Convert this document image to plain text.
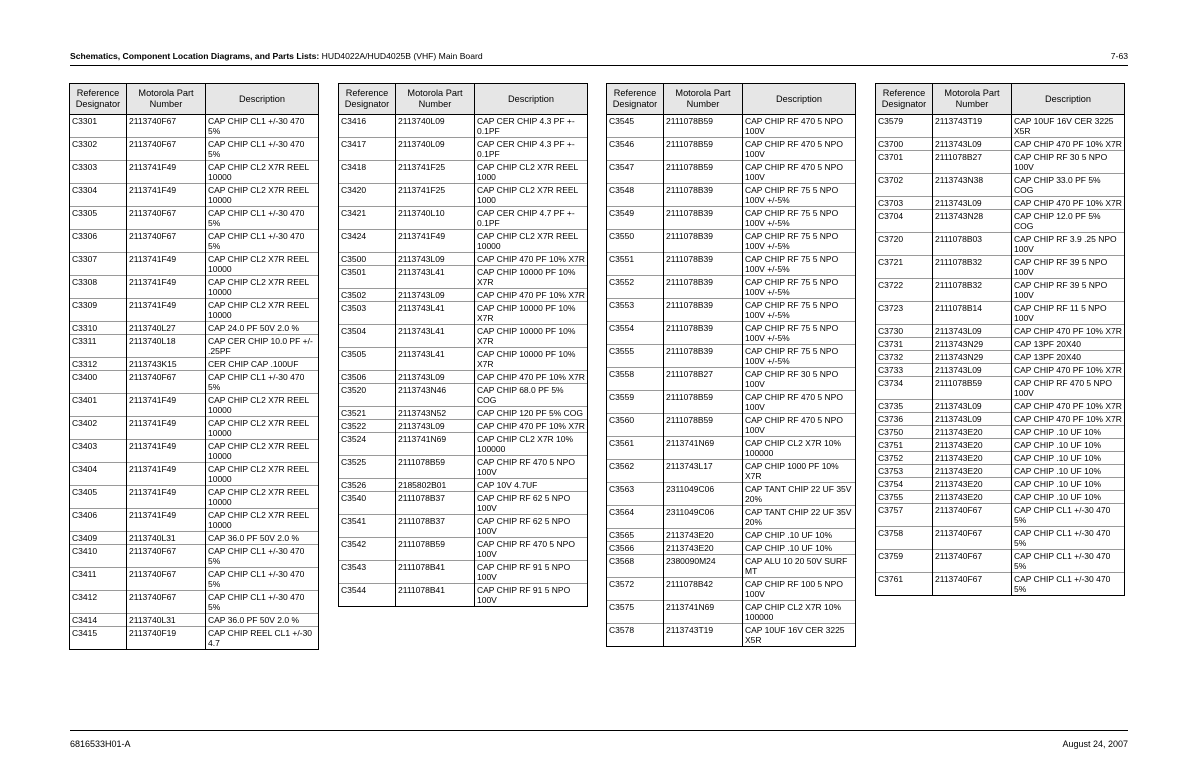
Schematics, Component Location Diagrams, and Parts Lists: HUD4022A/HUD4025B (VHF) Main Board	7-63
Reference Designator	Motorola Part Number	Description
C3301	2113740F67	CAP CHIP CL1 +/-30 470 5%
C3302	2113740F67	CAP CHIP CL1 +/-30 470 5%
C3303	2113741F49	CAP CHIP CL2 X7R REEL 10000
C3304	2113741F49	CAP CHIP CL2 X7R REEL 10000
C3305	2113740F67	CAP CHIP CL1 +/-30 470 5%
C3306	2113740F67	CAP CHIP CL1 +/-30 470 5%
C3307	2113741F49	CAP CHIP CL2 X7R REEL 10000
C3308	2113741F49	CAP CHIP CL2 X7R REEL 10000
C3309	2113741F49	CAP CHIP CL2 X7R REEL 10000
C3310	2113740L27	CAP 24.0 PF 50V 2.0 %
C3311	2113740L18	CAP CER CHIP 10.0 PF +/- .25PF
C3312	2113743K15	CER CHIP CAP .100UF
C3400	2113740F67	CAP CHIP CL1 +/-30 470 5%
C3401	2113741F49	CAP CHIP CL2 X7R REEL 10000
C3402	2113741F49	CAP CHIP CL2 X7R REEL 10000
C3403	2113741F49	CAP CHIP CL2 X7R REEL 10000
C3404	2113741F49	CAP CHIP CL2 X7R REEL 10000
C3405	2113741F49	CAP CHIP CL2 X7R REEL 10000
C3406	2113741F49	CAP CHIP CL2 X7R REEL 10000
C3409	2113740L31	CAP 36.0 PF 50V 2.0 %
C3410	2113740F67	CAP CHIP CL1 +/-30 470 5%
C3411	2113740F67	CAP CHIP CL1 +/-30 470 5%
C3412	2113740F67	CAP CHIP CL1 +/-30 470 5%
C3414	2113740L31	CAP 36.0 PF 50V 2.0 %
C3415	2113740F19	CAP CHIP REEL CL1 +/-30 4.7
Reference Designator	Motorola Part Number	Description
C3416	2113740L09	CAP CER CHIP 4.3 PF +- 0.1PF
C3417	2113740L09	CAP CER CHIP 4.3 PF +- 0.1PF
C3418	2113741F25	CAP CHIP CL2 X7R REEL 1000
C3420	2113741F25	CAP CHIP CL2 X7R REEL 1000
C3421	2113740L10	CAP CER CHIP 4.7 PF +- 0.1PF
C3424	2113741F49	CAP CHIP CL2 X7R REEL 10000
C3500	2113743L09	CAP CHIP 470 PF 10% X7R
C3501	2113743L41	CAP CHIP 10000 PF 10% X7R
C3502	2113743L09	CAP CHIP 470 PF 10% X7R
C3503	2113743L41	CAP CHIP 10000 PF 10% X7R
C3504	2113743L41	CAP CHIP 10000 PF 10% X7R
C3505	2113743L41	CAP CHIP 10000 PF 10% X7R
C3506	2113743L09	CAP CHIP 470 PF 10% X7R
C3520	2113743N46	CAP CHIP 68.0 PF 5% COG
C3521	2113743N52	CAP CHIP 120 PF 5% COG
C3522	2113743L09	CAP CHIP 470 PF 10% X7R
C3524	2113741N69	CAP CHIP CL2 X7R 10% 100000
C3525	2111078B59	CAP CHIP RF 470 5 NPO 100V
C3526	2185802B01	CAP 10V 4.7UF
C3540	2111078B37	CAP CHIP RF 62 5 NPO 100V
C3541	2111078B37	CAP CHIP RF 62 5 NPO 100V
C3542	2111078B59	CAP CHIP RF 470 5 NPO 100V
C3543	2111078B41	CAP CHIP RF 91 5 NPO 100V
C3544	2111078B41	CAP CHIP RF 91 5 NPO 100V
Reference Designator	Motorola Part Number	Description
C3545	2111078B59	CAP CHIP RF 470 5 NPO 100V
C3546	2111078B59	CAP CHIP RF 470 5 NPO 100V
C3547	2111078B59	CAP CHIP RF 470 5 NPO 100V
C3548	2111078B39	CAP CHIP RF 75 5 NPO 100V +/-5%
C3549	2111078B39	CAP CHIP RF 75 5 NPO 100V +/-5%
C3550	2111078B39	CAP CHIP RF 75 5 NPO 100V +/-5%
C3551	2111078B39	CAP CHIP RF 75 5 NPO 100V +/-5%
C3552	2111078B39	CAP CHIP RF 75 5 NPO 100V +/-5%
C3553	2111078B39	CAP CHIP RF 75 5 NPO 100V +/-5%
C3554	2111078B39	CAP CHIP RF 75 5 NPO 100V +/-5%
C3555	2111078B39	CAP CHIP RF 75 5 NPO 100V +/-5%
C3558	2111078B27	CAP CHIP RF 30 5 NPO 100V
C3559	2111078B59	CAP CHIP RF 470 5 NPO 100V
C3560	2111078B59	CAP CHIP RF 470 5 NPO 100V
C3561	2113741N69	CAP CHIP CL2 X7R 10% 100000
C3562	2113743L17	CAP CHIP 1000 PF 10% X7R
C3563	2311049C06	CAP TANT CHIP 22 UF 35V 20%
C3564	2311049C06	CAP TANT CHIP 22 UF 35V 20%
C3565	2113743E20	CAP CHIP .10 UF 10%
C3566	2113743E20	CAP CHIP .10 UF 10%
C3568	2380090M24	CAP ALU 10 20 50V SURF MT
C3572	2111078B42	CAP CHIP RF 100 5 NPO 100V
C3575	2113741N69	CAP CHIP CL2 X7R 10% 100000
C3578	2113743T19	CAP 10UF 16V CER 3225 X5R
Reference Designator	Motorola Part Number	Description
C3579	2113743T19	CAP 10UF 16V CER 3225 X5R
C3700	2113743L09	CAP CHIP 470 PF 10% X7R
C3701	2111078B27	CAP CHIP RF 30 5 NPO 100V
C3702	2113743N38	CAP CHIP 33.0 PF 5% COG
C3703	2113743L09	CAP CHIP 470 PF 10% X7R
C3704	2113743N28	CAP CHIP 12.0 PF 5% COG
C3720	2111078B03	CAP CHIP RF 3.9 .25 NPO 100V
C3721	2111078B32	CAP CHIP RF 39 5 NPO 100V
C3722	2111078B32	CAP CHIP RF 39 5 NPO 100V
C3723	2111078B14	CAP CHIP RF 11 5 NPO 100V
C3730	2113743L09	CAP CHIP 470 PF 10% X7R
C3731	2113743N29	CAP 13PF 20X40
C3732	2113743N29	CAP 13PF 20X40
C3733	2113743L09	CAP CHIP 470 PF 10% X7R
C3734	2111078B59	CAP CHIP RF 470 5 NPO 100V
C3735	2113743L09	CAP CHIP 470 PF 10% X7R
C3736	2113743L09	CAP CHIP 470 PF 10% X7R
C3750	2113743E20	CAP CHIP .10 UF 10%
C3751	2113743E20	CAP CHIP .10 UF 10%
C3752	2113743E20	CAP CHIP .10 UF 10%
C3753	2113743E20	CAP CHIP .10 UF 10%
C3754	2113743E20	CAP CHIP .10 UF 10%
C3755	2113743E20	CAP CHIP .10 UF 10%
C3757	2113740F67	CAP CHIP CL1 +/-30 470 5%
C3758	2113740F67	CAP CHIP CL1 +/-30 470 5%
C3759	2113740F67	CAP CHIP CL1 +/-30 470 5%
C3761	2113740F67	CAP CHIP CL1 +/-30 470 5%
6816533H01-A	August 24, 2007
